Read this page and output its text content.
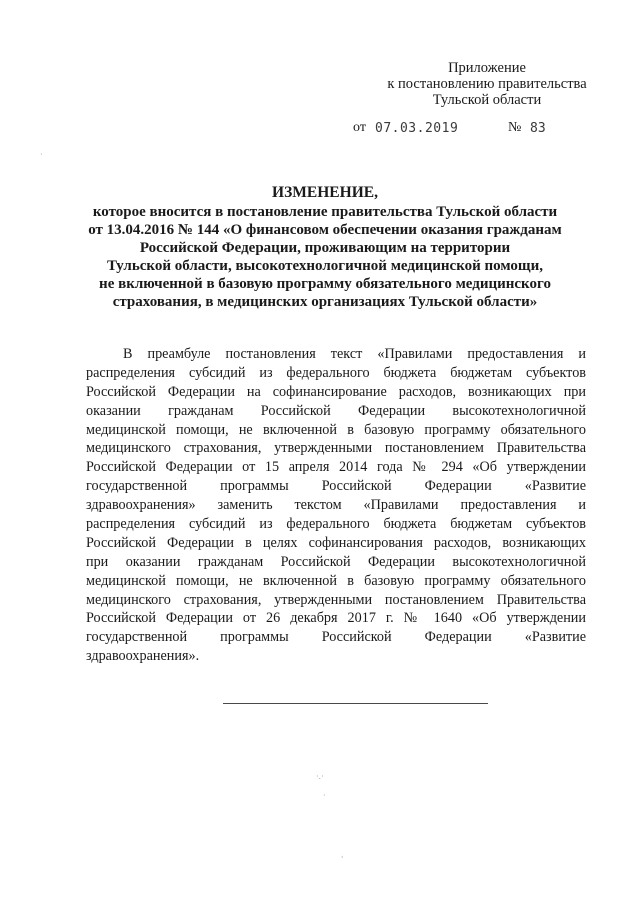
Приложение
к постановлению правительства
Тульской области
от 07.03.2019	№ 83
ИЗМЕНЕНИЕ,
которое вносится в постановление правительства Тульской области
от 13.04.2016 № 144 «О финансовом обеспечении оказания гражданам
Российской Федерации, проживающим на территории
Тульской области, высокотехнологичной медицинской помощи,
не включенной в базовую программу обязательного медицинского
страхования, в медицинских организациях Тульской области»
В преамбуле постановления текст «Правилами предоставления и
распределения субсидий из федерального бюджета бюджетам субъектов
Российской Федерации на софинансирование расходов, возникающих при
оказании гражданам Российской Федерации высокотехнологичной
медицинской помощи, не включенной в базовую программу обязательного
медицинского страхования, утвержденными постановлением Правительства
Российской Федерации от 15 апреля 2014 года № 294 «Об утверждении
государственной программы Российской Федерации «Развитие
здравоохранения» заменить текстом «Правилами предоставления и
распределения субсидий из федерального бюджета бюджетам субъектов
Российской Федерации в целях софинансирования расходов, возникающих
при оказании гражданам Российской Федерации высокотехнологичной
медицинской помощи, не включенной в базовую программу обязательного
медицинского страхования, утвержденными постановлением Правительства
Российской Федерации от 26 декабря 2017 г. № 1640 «Об утверждении
государственной программы Российской Федерации «Развитие
здравоохранения».
·.·
·
ˈ
·
